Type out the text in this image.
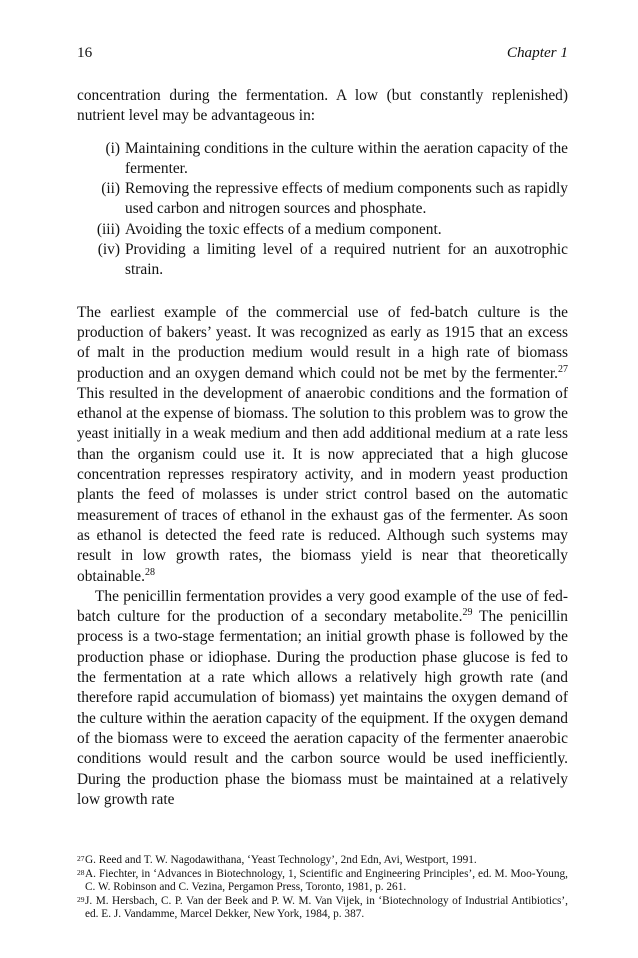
16	Chapter 1

concentration during the fermentation. A low (but constantly replenished) nutrient level may be advantageous in:

(i) Maintaining conditions in the culture within the aeration capacity of the fermenter.
(ii) Removing the repressive effects of medium components such as rapidly used carbon and nitrogen sources and phosphate.
(iii) Avoiding the toxic effects of a medium component.
(iv) Providing a limiting level of a required nutrient for an auxotrophic strain.

The earliest example of the commercial use of fed-batch culture is the production of bakers’ yeast. It was recognized as early as 1915 that an excess of malt in the production medium would result in a high rate of biomass production and an oxygen demand which could not be met by the fermenter.$^{27}$ This resulted in the development of anaerobic conditions and the formation of ethanol at the expense of biomass. The solution to this problem was to grow the yeast initially in a weak medium and then add additional medium at a rate less than the organism could use it. It is now appreciated that a high glucose concentration represses respiratory activity, and in modern yeast production plants the feed of molasses is under strict control based on the automatic measurement of traces of ethanol in the exhaust gas of the fermenter. As soon as ethanol is detected the feed rate is reduced. Although such systems may result in low growth rates, the biomass yield is near that theoretically obtainable.$^{28}$

The penicillin fermentation provides a very good example of the use of fed-batch culture for the production of a secondary metabolite.$^{29}$ The penicillin process is a two-stage fermentation; an initial growth phase is followed by the production phase or idiophase. During the production phase glucose is fed to the fermentation at a rate which allows a relatively high growth rate (and therefore rapid accumulation of biomass) yet maintains the oxygen demand of the culture within the aeration capacity of the equipment. If the oxygen demand of the biomass were to exceed the aeration capacity of the fermenter anaerobic conditions would result and the carbon source would be used inefficiently. During the production phase the biomass must be maintained at a relatively low growth rate

27 G. Reed and T. W. Nagodawithana, ‘Yeast Technology’, 2nd Edn, Avi, Westport, 1991.
28 A. Fiechter, in ‘Advances in Biotechnology, 1, Scientific and Engineering Principles’, ed. M. Moo-Young, C. W. Robinson and C. Vezina, Pergamon Press, Toronto, 1981, p. 261.
29 J. M. Hersbach, C. P. Van der Beek and P. W. M. Van Vijek, in ‘Biotechnology of Industrial Antibiotics’, ed. E. J. Vandamme, Marcel Dekker, New York, 1984, p. 387.
